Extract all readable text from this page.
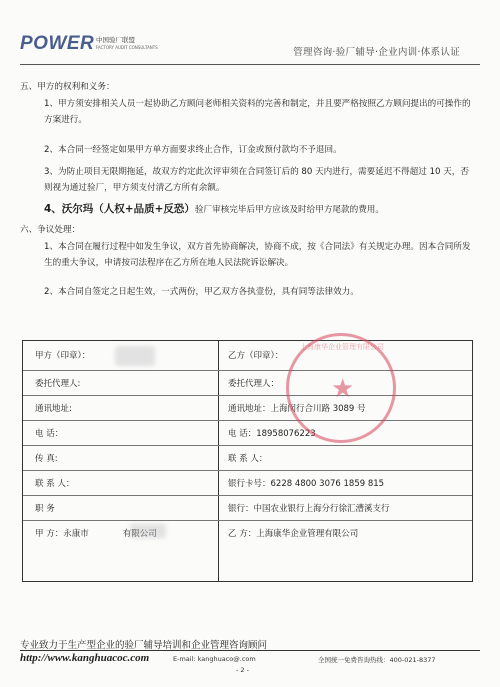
POWER 中国验厂联盟
FACTORY AUDIT CONSULTANTS	管理咨询·验厂辅导·企业内训·体系认证
五、甲方的权利和义务：
1、甲方须安排相关人员一起协助乙方顾问老师相关资料的完善和制定，并且要严格按照乙方顾问提出的可操作的方案进行。
2、本合同一经签定如果甲方单方面要求终止合作，订金或预付款均不予退回。
3、为防止项目无限期拖延，故双方约定此次评审须在合同签订后的 80 天内进行，需要延迟不得超过 10 天，否则视为通过验厂，甲方须支付清乙方所有余额。
4、沃尔玛（人权+品质+反恐）验厂审核完毕后甲方应该及时给甲方尾款的费用。
六、争议处理：
1、本合同在履行过程中如发生争议，双方首先协商解决，协商不成，按《合同法》有关规定办理。因本合同所发生的重大争议，申请按司法程序在乙方所在地人民法院诉讼解决。
2、本合同自签定之日起生效，一式两份，甲乙双方各执壹份，具有同等法律效力。
甲方（印章）：	乙方（印章）：
委托代理人:	委托代理人：
通讯地址:	通讯地址：上海闵行合川路 3089 号
电 话：	电 话：18958076223
传 真:	联 系 人：
联 系 人：	银行卡号：6228 4800 3076 1859 815
职 务	银行：中国农业银行上海分行徐汇漕溪支行
甲 方：永康市	有限公司	乙 方：上海康华企业管理有限公司
上海康华企业管理有限公司
★
专业致力于生产型企业的验厂辅导培训和企业管理咨询顾问
http://www.kanghuacoc.com	E-mail: kanghuaco@.com	全国统一免费咨询热线：400-021-8377
- 2 -
